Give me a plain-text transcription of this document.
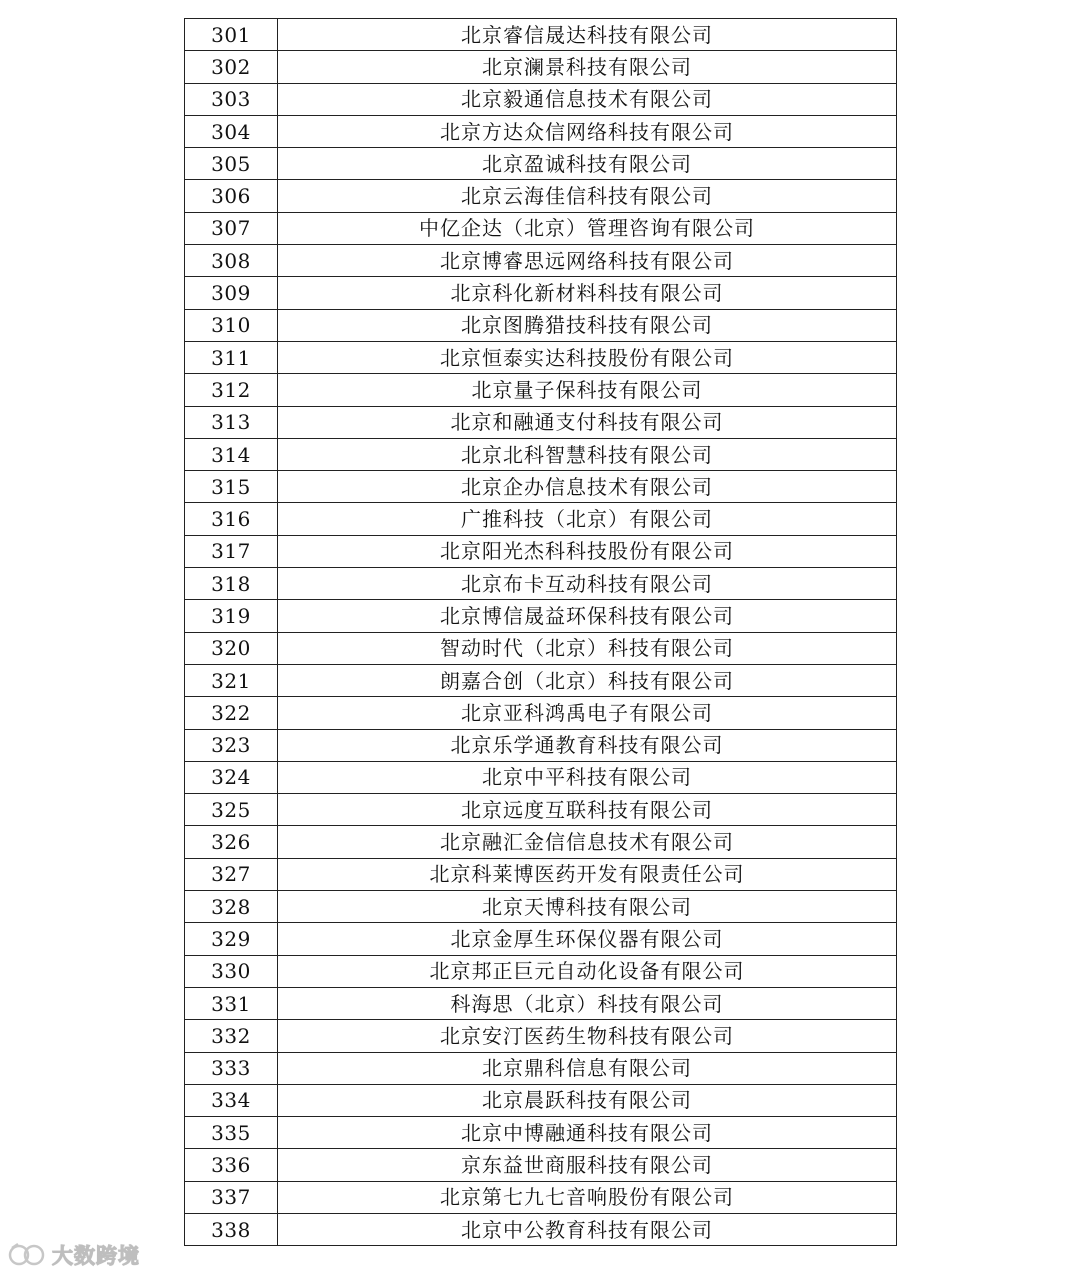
301	北京睿信晟达科技有限公司
302	北京澜景科技有限公司
303	北京毅通信息技术有限公司
304	北京方达众信网络科技有限公司
305	北京盈诚科技有限公司
306	北京云海佳信科技有限公司
307	中亿企达（北京）管理咨询有限公司
308	北京博睿思远网络科技有限公司
309	北京科化新材料科技有限公司
310	北京图腾猎技科技有限公司
311	北京恒泰实达科技股份有限公司
312	北京量子保科技有限公司
313	北京和融通支付科技有限公司
314	北京北科智慧科技有限公司
315	北京企办信息技术有限公司
316	广推科技（北京）有限公司
317	北京阳光杰科科技股份有限公司
318	北京布卡互动科技有限公司
319	北京博信晟益环保科技有限公司
320	智动时代（北京）科技有限公司
321	朗嘉合创（北京）科技有限公司
322	北京亚科鸿禹电子有限公司
323	北京乐学通教育科技有限公司
324	北京中平科技有限公司
325	北京远度互联科技有限公司
326	北京融汇金信信息技术有限公司
327	北京科莱博医药开发有限责任公司
328	北京天博科技有限公司
329	北京金厚生环保仪器有限公司
330	北京邦正巨元自动化设备有限公司
331	科海思（北京）科技有限公司
332	北京安汀医药生物科技有限公司
333	北京鼎科信息有限公司
334	北京晨跃科技有限公司
335	北京中博融通科技有限公司
336	京东益世商服科技有限公司
337	北京第七九七音响股份有限公司
338	北京中公教育科技有限公司
大数跨境
